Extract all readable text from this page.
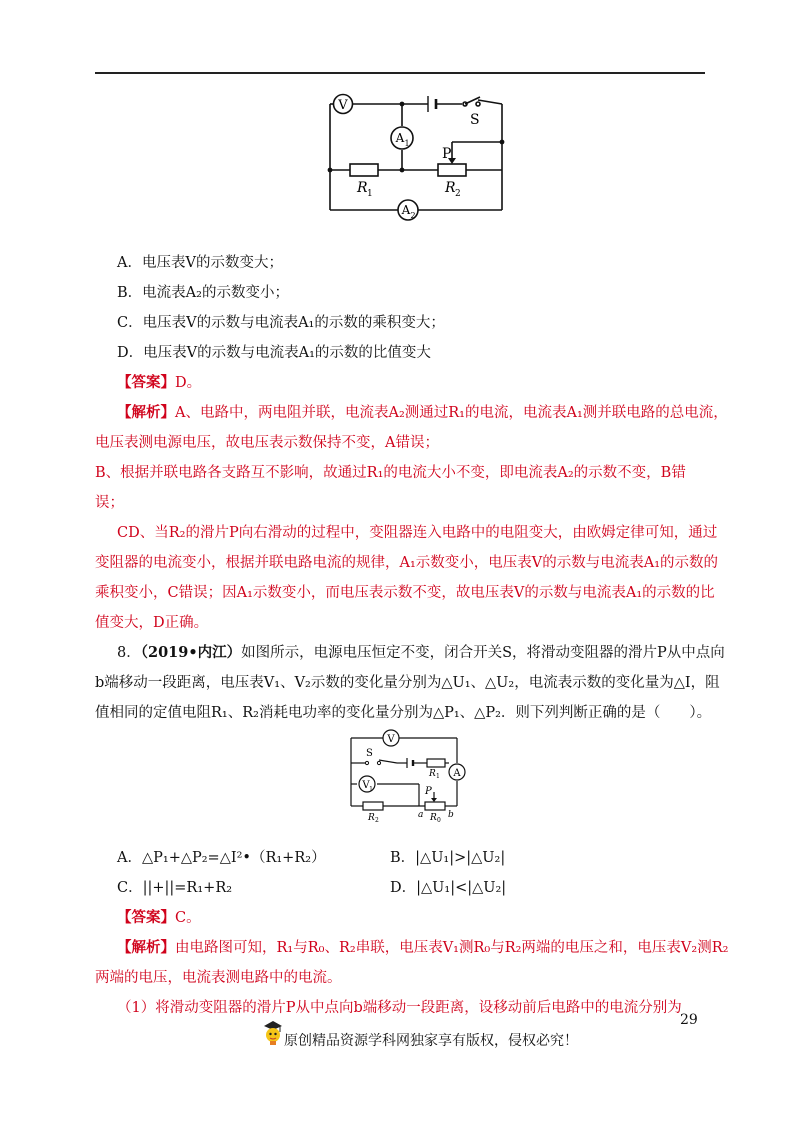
V
A 1
A 2
S
P
R 1	R 2
A．电压表V的示数变大；
B．电流表A₂的示数变小；
C．电压表V的示数与电流表A₁的示数的乘积变大；
D．电压表V的示数与电流表A₁的示数的比值变大
【答案】D。
【解析】A、电路中，两电阻并联，电流表A₂测通过R₁的电流，电流表A₁测并联电路的总电流，
电压表测电源电压，故电压表示数保持不变，A错误；
B、根据并联电路各支路互不影响，故通过R₁的电流大小不变，即电流表A₂的示数不变，B错
误；
CD、当R₂的滑片P向右滑动的过程中，变阻器连入电路中的电阻变大，由欧姆定律可知，通过
变阻器的电流变小，根据并联电路电流的规律，A₁示数变小，电压表V的示数与电流表A₁的示数的
乘积变小，C错误；因A₁示数变小，而电压表示数不变，故电压表V的示数与电流表A₁的示数的比
值变大，D正确。
8．（2019•内江）如图所示，电源电压恒定不变，闭合开关S，将滑动变阻器的滑片P从中点向
b端移动一段距离，电压表V₁、V₂示数的变化量分别为△U₁、△U₂，电流表示数的变化量为△I，阻
值相同的定值电阻R₁、R₂消耗电功率的变化量分别为△P₁、△P₂．则下列判断正确的是（　　）。
V
V 1
A
S
R 1
R 2	R 0
P
a	b
A．△P₁+△P₂=△I²•（R₁+R₂）	B．|△U₁|>|△U₂|
C．||+||=R₁+R₂	D．|△U₁|<|△U₂|
【答案】C。
【解析】由电路图可知，R₁与R₀、R₂串联，电压表V₁测R₀与R₂两端的电压之和，电压表V₂测R₂
两端的电压，电流表测电路中的电流。
（1）将滑动变阻器的滑片P从中点向b端移动一段距离，设移动前后电路中的电流分别为
29
原创精品资源学科网独家享有版权，侵权必究！
